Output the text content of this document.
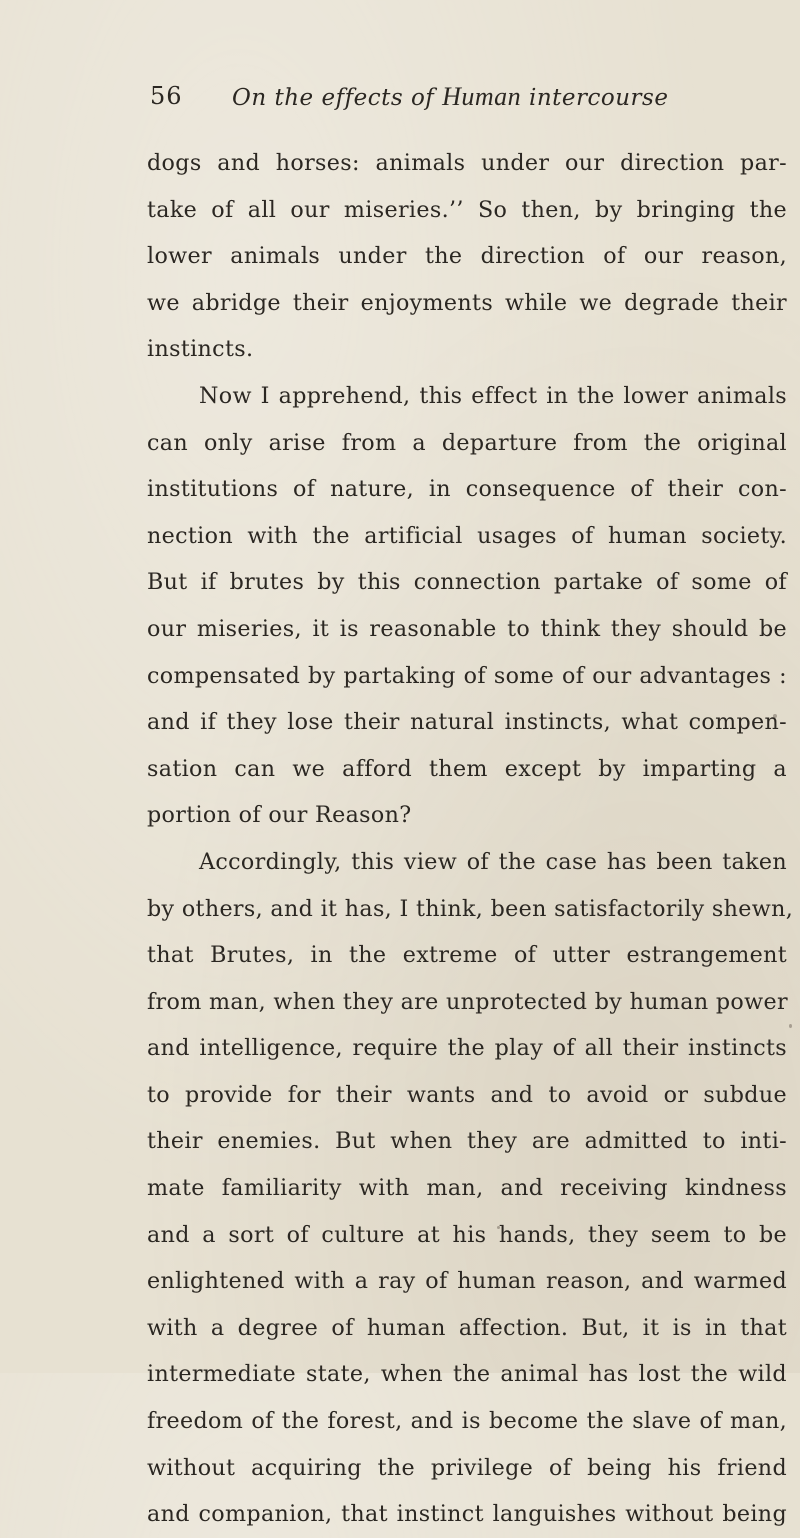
56 On the effects of Human intercourse
dogs and horses: animals under our direction par-
take of all our miseries.’’ So then, by bringing the
lower animals under the direction of our reason,
we abridge their enjoyments while we degrade their
instincts.
Now I apprehend, this effect in the lower animals
can only arise from a departure from the original
institutions of nature, in consequence of their con-
nection with the artificial usages of human society.
But if brutes by this connection partake of some of
our miseries, it is reasonable to think they should be
compensated by partaking of some of our advantages :
and if they lose their natural instincts, what compen-
sation can we afford them except by imparting a
portion of our Reason?
Accordingly, this view of the case has been taken
by others, and it has, I think, been satisfactorily shewn,
that Brutes, in the extreme of utter estrangement
from man, when they are unprotected by human power
and intelligence, require the play of all their instincts
to provide for their wants and to avoid or subdue
their enemies. But when they are admitted to inti-
mate familiarity with man, and receiving kindness
and a sort of culture at his hands, they seem to be
enlightened with a ray of human reason, and warmed
with a degree of human affection. But, it is in that
intermediate state, when the animal has lost the wild
freedom of the forest, and is become the slave of man,
without acquiring the privilege of being his friend
and companion, that instinct languishes without being
